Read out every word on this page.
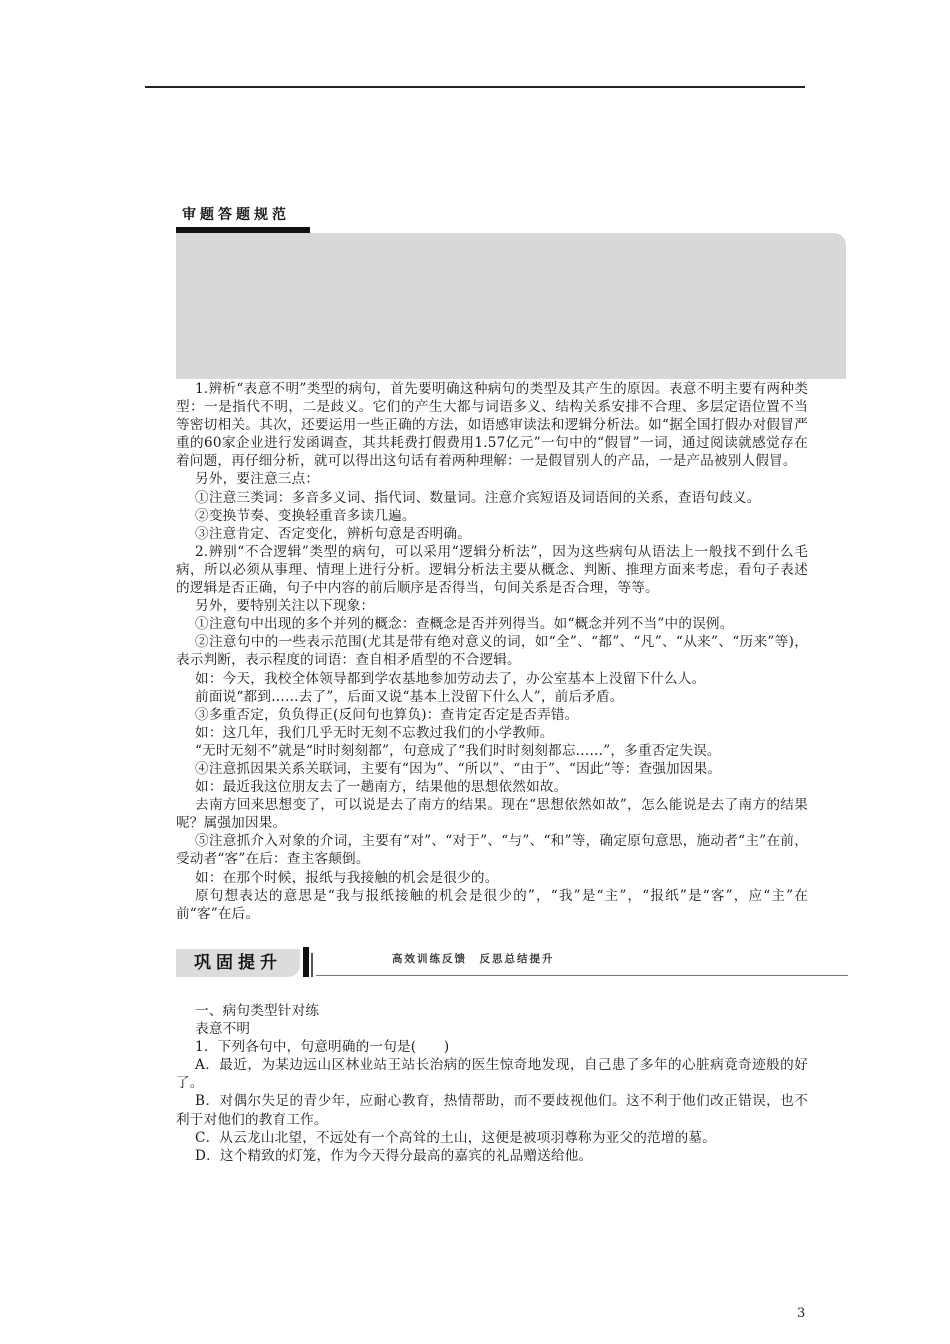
审题答题规范

1.辨析“表意不明”类型的病句，首先要明确这种病句的类型及其产生的原因。表意不明主要有两种类型：一是指代不明，二是歧义。它们的产生大都与词语多义、结构关系安排不合理、多层定语位置不当等密切相关。其次，还要运用一些正确的方法，如语感审读法和逻辑分析法。如“据全国打假办对假冒严重的60家企业进行发函调查，其共耗费打假费用1.57亿元”一句中的“假冒”一词，通过阅读就感觉存在着问题，再仔细分析，就可以得出这句话有着两种理解：一是假冒别人的产品，一是产品被别人假冒。

另外，要注意三点：

①注意三类词：多音多义词、指代词、数量词。注意介宾短语及词语间的关系，查语句歧义。

②变换节奏、变换轻重音多读几遍。

③注意肯定、否定变化，辨析句意是否明确。

2.辨别“不合逻辑”类型的病句，可以采用“逻辑分析法”，因为这些病句从语法上一般找不到什么毛病，所以必须从事理、情理上进行分析。逻辑分析法主要从概念、判断、推理方面来考虑，看句子表述的逻辑是否正确，句子中内容的前后顺序是否得当，句间关系是否合理，等等。

另外，要特别关注以下现象：

①注意句中出现的多个并列的概念：查概念是否并列得当。如“概念并列不当”中的误例。

②注意句中的一些表示范围(尤其是带有绝对意义的词，如“全”、“都”、“凡”、“从来”、“历来”等)，表示判断，表示程度的词语：查自相矛盾型的不合逻辑。

如：今天，我校全体领导都到学农基地参加劳动去了，办公室基本上没留下什么人。

前面说“都到……去了”，后面又说“基本上没留下什么人”，前后矛盾。

③多重否定，负负得正(反问句也算负)：查肯定否定是否弄错。

如：这几年，我们几乎无时无刻不忘教过我们的小学教师。

“无时无刻不”就是“时时刻刻都”，句意成了“我们时时刻刻都忘……”，多重否定失误。

④注意抓因果关系关联词，主要有“因为”、“所以”、“由于”、“因此”等：查强加因果。

如：最近我这位朋友去了一趟南方，结果他的思想依然如故。

去南方回来思想变了，可以说是去了南方的结果。现在“思想依然如故”，怎么能说是去了南方的结果呢？属强加因果。

⑤注意抓介入对象的介词，主要有“对”、“对于”、“与”、“和”等，确定原句意思，施动者“主”在前，受动者“客”在后：查主客颠倒。

如：在那个时候，报纸与我接触的机会是很少的。

原句想表达的意思是“我与报纸接触的机会是很少的”，“我”是“主”，“报纸”是“客”，应“主”在前“客”在后。

巩固提升	高效训练反馈　反思总结提升

一、病句类型针对练

表意不明

1．下列各句中，句意明确的一句是(　　)

A．最近，为某边远山区林业站王站长治病的医生惊奇地发现，自己患了多年的心脏病竟奇迹般的好了。

B．对偶尔失足的青少年，应耐心教育，热情帮助，而不要歧视他们。这不利于他们改正错误，也不利于对他们的教育工作。

C．从云龙山北望，不远处有一个高耸的土山，这便是被项羽尊称为亚父的范增的墓。

D．这个精致的灯笼，作为今天得分最高的嘉宾的礼品赠送给他。

3
